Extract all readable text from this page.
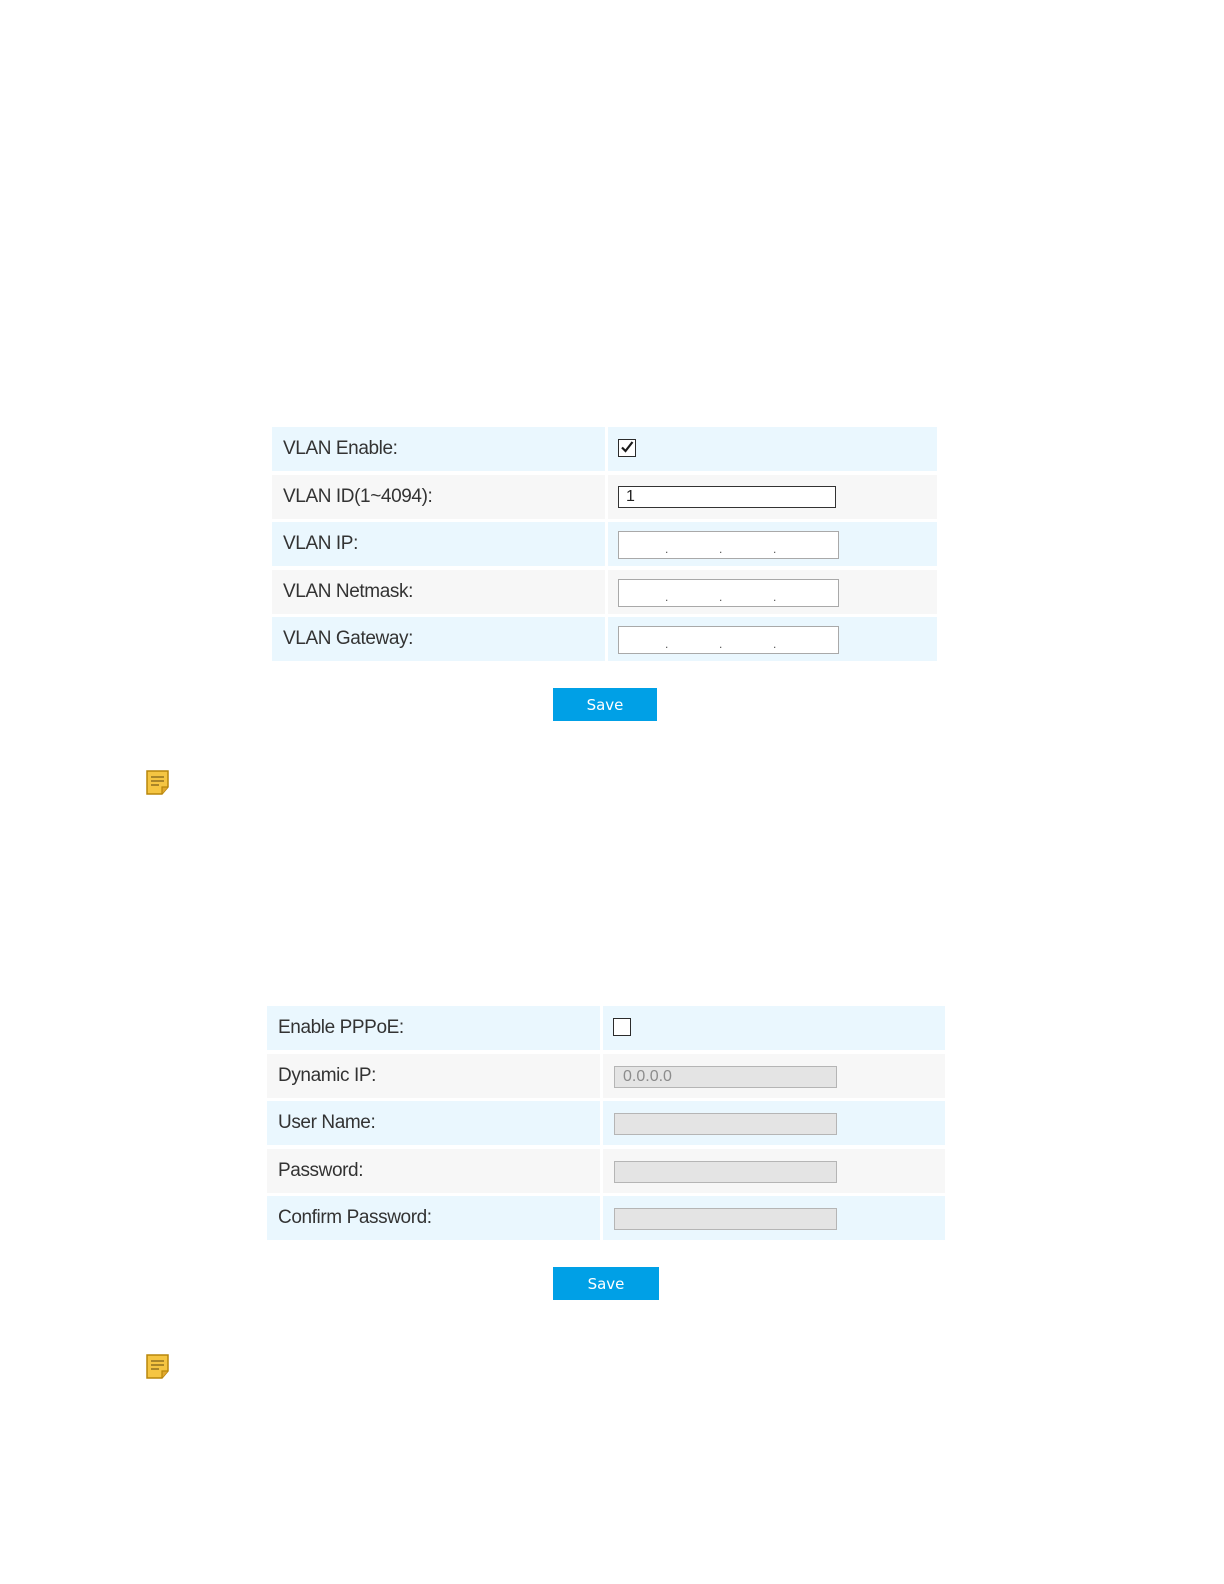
VLAN Enable:
VLAN ID(1~4094):
1
VLAN IP:	.	.	.
VLAN Netmask:	.	.	.
VLAN Gateway:	.	.	.
Save
Enable PPPoE:
Dynamic IP:
0.0.0.0
User Name:
Password:
Confirm Password:
Save
